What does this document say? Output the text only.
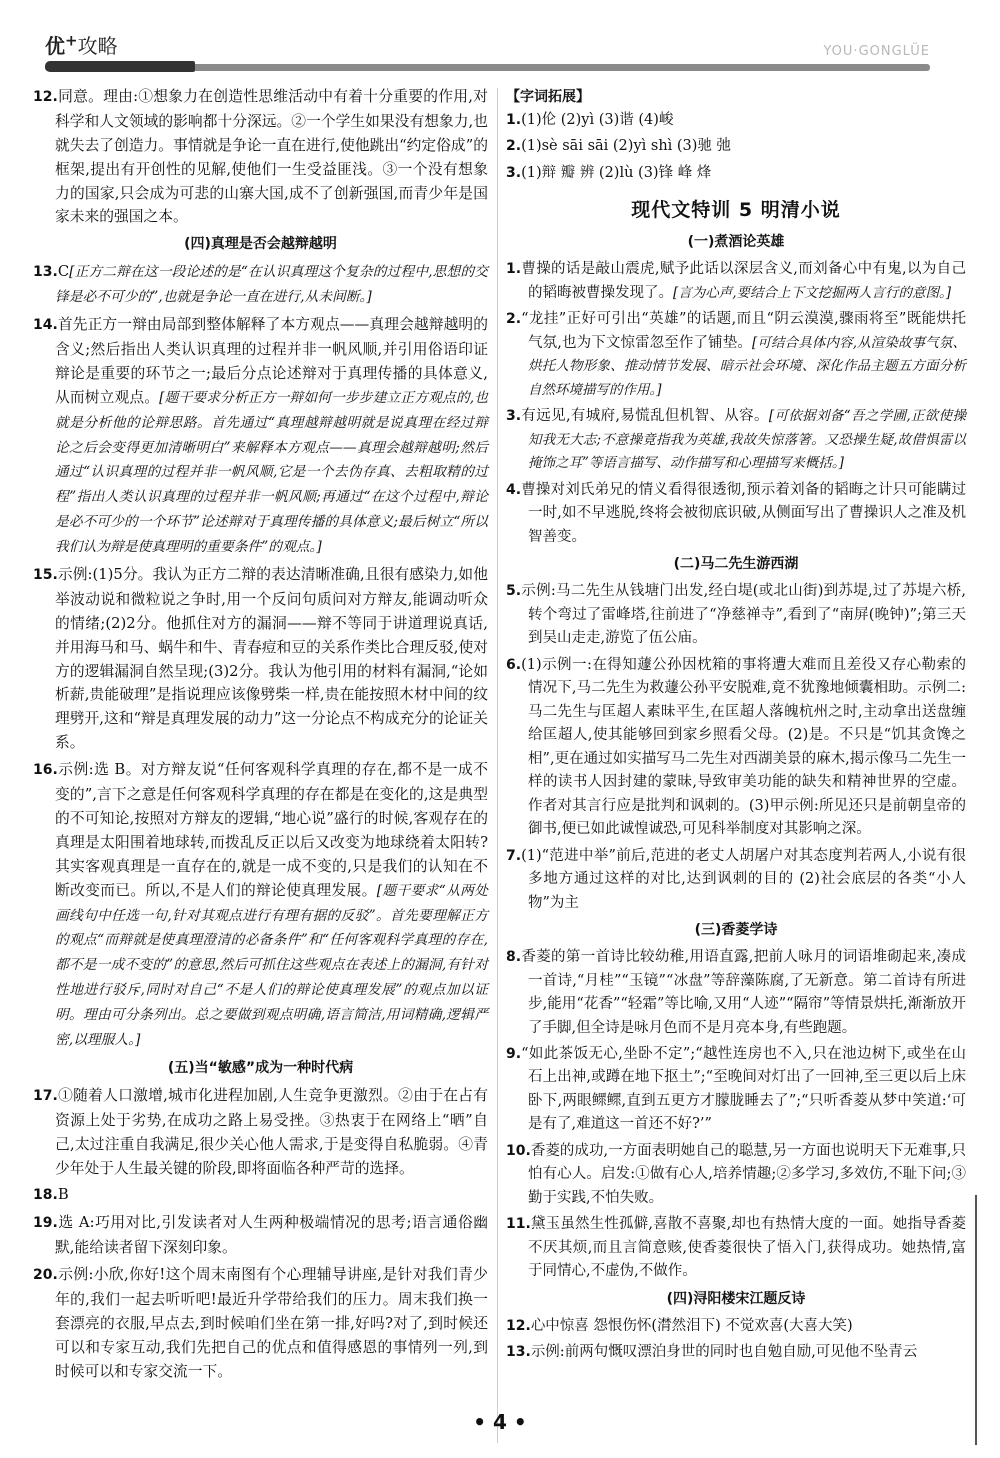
优+攻略	YOU·GONGLÜE

12.同意。理由:①想象力在创造性思维活动中有着十分重要的作用,对科学和人文领域的影响都十分深远。②一个学生如果没有想象力,也就失去了创造力。事情就是争论一直在进行,使他跳出“约定俗成”的框架,提出有开创性的见解,使他们一生受益匪浅。③一个没有想象力的国家,只会成为可悲的山寨大国,成不了创新强国,而青少年是国家未来的强国之本。

(四)真理是否会越辩越明

13.C[正方二辩在这一段论述的是“在认识真理这个复杂的过程中,思想的交锋是必不可少的”,也就是争论一直在进行,从未间断。]

14.首先正方一辩由局部到整体解释了本方观点——真理会越辩越明的含义;然后指出人类认识真理的过程并非一帆风顺,并引用俗语印证辩论是重要的环节之一;最后分点论述辩对于真理传播的具体意义,从而树立观点。[题干要求分析正方一辩如何一步步建立正方观点的,也就是分析他的论辩思路。首先通过“真理越辩越明就是说真理在经过辩论之后会变得更加清晰明白”来解释本方观点——真理会越辩越明;然后通过“认识真理的过程并非一帆风顺,它是一个去伪存真、去粗取精的过程”指出人类认识真理的过程并非一帆风顺;再通过“在这个过程中,辩论是必不可少的一个环节”论述辩对于真理传播的具体意义;最后树立“所以我们认为辩是使真理明的重要条件”的观点。]

15.示例:(1)5分。我认为正方二辩的表达清晰准确,且很有感染力,如他举波动说和微粒说之争时,用一个反问句质问对方辩友,能调动听众的情绪;(2)2分。他抓住对方的漏洞——辩不等同于讲道理说真话,并用海马和马、蜗牛和牛、青春痘和豆的关系作类比合理反驳,使对方的逻辑漏洞自然呈现;(3)2分。我认为他引用的材料有漏洞,“论如析薪,贵能破理”是指说理应该像劈柴一样,贵在能按照木材中间的纹理劈开,这和“辩是真理发展的动力”这一分论点不构成充分的论证关系。

16.示例:选 B。对方辩友说“任何客观科学真理的存在,都不是一成不变的”,言下之意是任何客观科学真理的存在都是在变化的,这是典型的不可知论,按照对方辩友的逻辑,“地心说”盛行的时候,客观存在的真理是太阳围着地球转,而拨乱反正以后又改变为地球绕着太阳转?其实客观真理是一直存在的,就是一成不变的,只是我们的认知在不断改变而已。所以,不是人们的辩论使真理发展。[题干要求“从两处画线句中任选一句,针对其观点进行有理有据的反驳”。首先要理解正方的观点“而辩就是使真理澄清的必备条件”和“任何客观科学真理的存在,都不是一成不变的”的意思,然后可抓住这些观点在表述上的漏洞,有针对性地进行驳斥,同时对自己“不是人们的辩论使真理发展”的观点加以证明。理由可分条列出。总之要做到观点明确,语言简洁,用词精确,逻辑严密,以理服人。]

(五)当“敏感”成为一种时代病

17.①随着人口激增,城市化进程加剧,人生竞争更激烈。②由于在占有资源上处于劣势,在成功之路上易受挫。③热衷于在网络上“晒”自己,太过注重自我满足,很少关心他人需求,于是变得自私脆弱。④青少年处于人生最关键的阶段,即将面临各种严苛的选择。

18.B

19.选 A:巧用对比,引发读者对人生两种极端情况的思考;语言通俗幽默,能给读者留下深刻印象。

20.示例:小欣,你好!这个周末南图有个心理辅导讲座,是针对我们青少年的,我们一起去听听吧!最近升学带给我们的压力。周末我们换一套漂亮的衣服,早点去,到时候咱们坐在第一排,好吗?对了,到时候还可以和专家互动,我们先把自己的优点和值得感恩的事情列一列,到时候可以和专家交流一下。

【字词拓展】

1.(1)伦 (2)yì (3)谐 (4)峻

2.(1)sè sāi sāi (2)yì shì (3)驰 弛

3.(1)辩 瓣 辨 (2)lù (3)锋 峰 烽

现代文特训 5 明清小说
(一)煮酒论英雄

1.曹操的话是敲山震虎,赋予此话以深层含义,而刘备心中有鬼,以为自己的韬晦被曹操发现了。[言为心声,要结合上下文挖掘两人言行的意图。]

2.“龙挂”正好可引出“英雄”的话题,而且“阴云漠漠,骤雨将至”既能烘托气氛,也为下文惊雷忽至作了铺垫。[可结合具体内容,从渲染故事气氛、烘托人物形象、推动情节发展、暗示社会环境、深化作品主题五方面分析自然环境描写的作用。]

3.有远见,有城府,易慌乱但机智、从容。[可依据刘备“吾之学圃,正欲使操知我无大志;不意操竟指我为英雄,我故失惊落箸。又恐操生疑,故借惧雷以掩饰之耳”等语言描写、动作描写和心理描写来概括。]

4.曹操对刘氏弟兄的情义看得很透彻,预示着刘备的韬晦之计只可能瞒过一时,如不早逃脱,终将会被彻底识破,从侧面写出了曹操识人之准及机智善变。

(二)马二先生游西湖

5.示例:马二先生从钱塘门出发,经白堤(或北山街)到苏堤,过了苏堤六桥,转个弯过了雷峰塔,往前进了“净慈禅寺”,看到了“南屏(晚钟)”;第三天到吴山走走,游览了伍公庙。

6.(1)示例一:在得知蘧公孙因枕箱的事将遭大难而且差役又存心勒索的情况下,马二先生为救蘧公孙平安脱难,竟不犹豫地倾囊相助。示例二:马二先生与匡超人素昧平生,在匡超人落魄杭州之时,主动拿出送盘缠给匡超人,使其能够回到家乡照看父母。(2)是。不只是“饥其贪馋之相”,更在通过如实描写马二先生对西湖美景的麻木,揭示像马二先生一样的读书人因封建的蒙昧,导致审美功能的缺失和精神世界的空虚。作者对其言行应是批判和讽刺的。(3)甲示例:所见还只是前朝皇帝的御书,便已如此诚惶诚恐,可见科举制度对其影响之深。

7.(1)“范进中举”前后,范进的老丈人胡屠户对其态度判若两人,小说有很多地方通过这样的对比,达到讽刺的目的 (2)社会底层的各类“小人物”为主

(三)香菱学诗

8.香菱的第一首诗比较幼稚,用语直露,把前人咏月的词语堆砌起来,凑成一首诗,“月桂”“玉镜”“冰盘”等辞藻陈腐,了无新意。第二首诗有所进步,能用“花香”“轻霜”等比喻,又用“人迹”“隔帘”等情景烘托,渐渐放开了手脚,但全诗是咏月色而不是月亮本身,有些跑题。

9.“如此茶饭无心,坐卧不定”;“越性连房也不入,只在池边树下,或坐在山石上出神,或蹲在地下抠土”;“至晚间对灯出了一回神,至三更以后上床卧下,两眼鳏鳏,直到五更方才朦胧睡去了”;“只听香菱从梦中笑道:‘可是有了,难道这一首还不好?’”

10.香菱的成功,一方面表明她自己的聪慧,另一方面也说明天下无难事,只怕有心人。启发:①做有心人,培养情趣;②多学习,多效仿,不耻下问;③勤于实践,不怕失败。

11.黛玉虽然生性孤僻,喜散不喜聚,却也有热情大度的一面。她指导香菱不厌其烦,而且言简意赅,使香菱很快了悟入门,获得成功。她热情,富于同情心,不虚伪,不做作。

(四)浔阳楼宋江题反诗

12.心中惊喜 怨恨伤怀(潸然泪下) 不觉欢喜(大喜大笑)

13.示例:前两句慨叹漂泊身世的同时也自勉自励,可见他不坠青云

• 4 •
